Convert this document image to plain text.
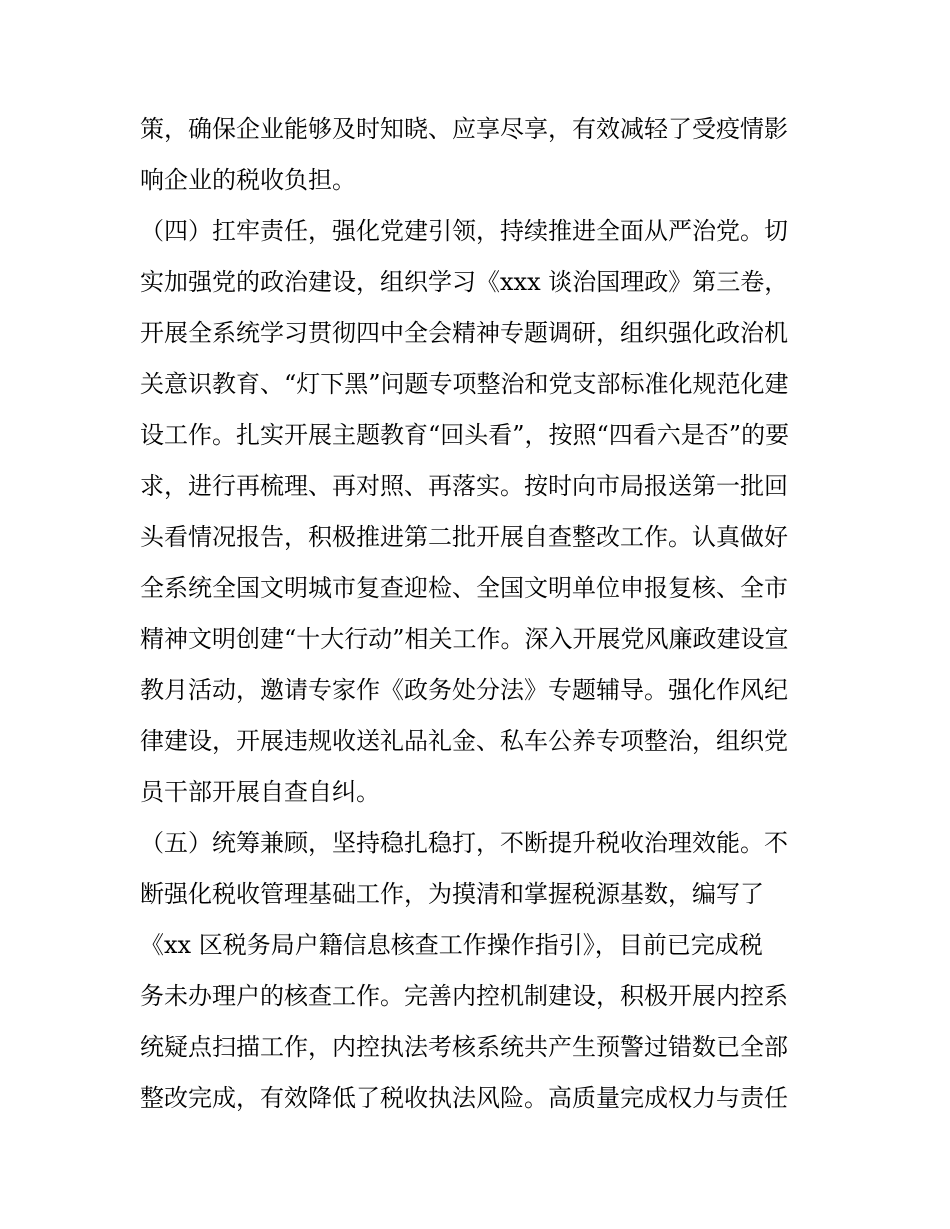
策，确保企业能够及时知晓、应享尽享，有效减轻了受疫情影
响企业的税收负担。
（四）扛牢责任，强化党建引领，持续推进全面从严治党。切
实加强党的政治建设，组织学习《xxx 谈治国理政》第三卷，
开展全系统学习贯彻四中全会精神专题调研，组织强化政治机
关意识教育、“灯下黑”问题专项整治和党支部标准化规范化建
设工作。扎实开展主题教育“回头看”，按照“四看六是否”的要
求，进行再梳理、再对照、再落实。按时向市局报送第一批回
头看情况报告，积极推进第二批开展自查整改工作。认真做好
全系统全国文明城市复查迎检、全国文明单位申报复核、全市
精神文明创建“十大行动”相关工作。深入开展党风廉政建设宣
教月活动，邀请专家作《政务处分法》专题辅导。强化作风纪
律建设，开展违规收送礼品礼金、私车公养专项整治，组织党
员干部开展自查自纠。
（五）统筹兼顾，坚持稳扎稳打，不断提升税收治理效能。不
断强化税收管理基础工作，为摸清和掌握税源基数，编写了
《xx 区税务局户籍信息核查工作操作指引》，目前已完成税
务未办理户的核查工作。完善内控机制建设，积极开展内控系
统疑点扫描工作，内控执法考核系统共产生预警过错数已全部
整改完成，有效降低了税收执法风险。高质量完成权力与责任
